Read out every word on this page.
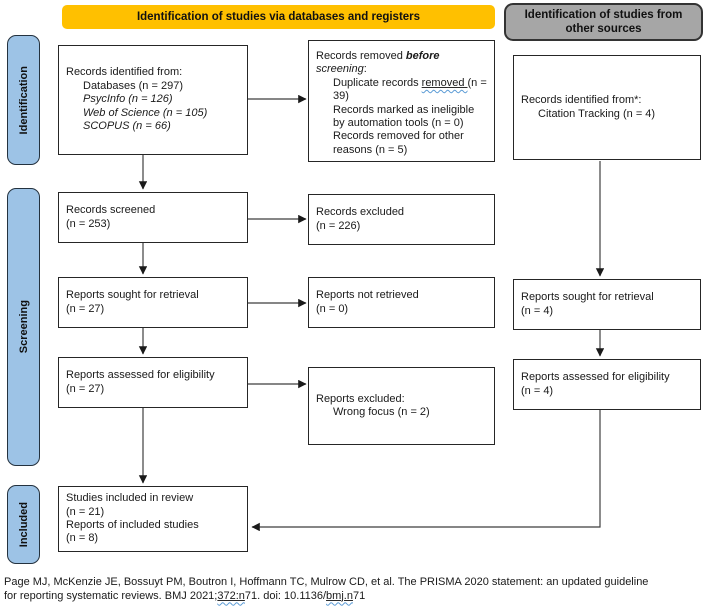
Identification of studies via databases and registers	Identification of studies from
other sources
Identification
Screening
Included
Records identified from:
Databases (n = 297)
PsycInfo (n = 126)
Web of Science (n = 105)
SCOPUS (n = 66)
Records screened
(n = 253)
Reports sought for retrieval
(n = 27)
Reports assessed for eligibility
(n = 27)
Studies included in review
(n = 21)
Reports of included studies
(n = 8)
Records removed before screening:
Duplicate records removed (n = 39)
Records marked as ineligible by automation tools (n = 0)
Records removed for other reasons (n = 5)
Records excluded
(n = 226)
Reports not retrieved
(n = 0)
Reports excluded:
Wrong focus (n = 2)
Records identified from*:
Citation Tracking (n = 4)
Reports sought for retrieval
(n = 4)
Reports assessed for eligibility
(n = 4)
Page MJ, McKenzie JE, Bossuyt PM, Boutron I, Hoffmann TC, Mulrow CD, et al. The PRISMA 2020 statement: an updated guideline
for reporting systematic reviews. BMJ 2021;372:n71. doi: 10.1136/bmj.n71
